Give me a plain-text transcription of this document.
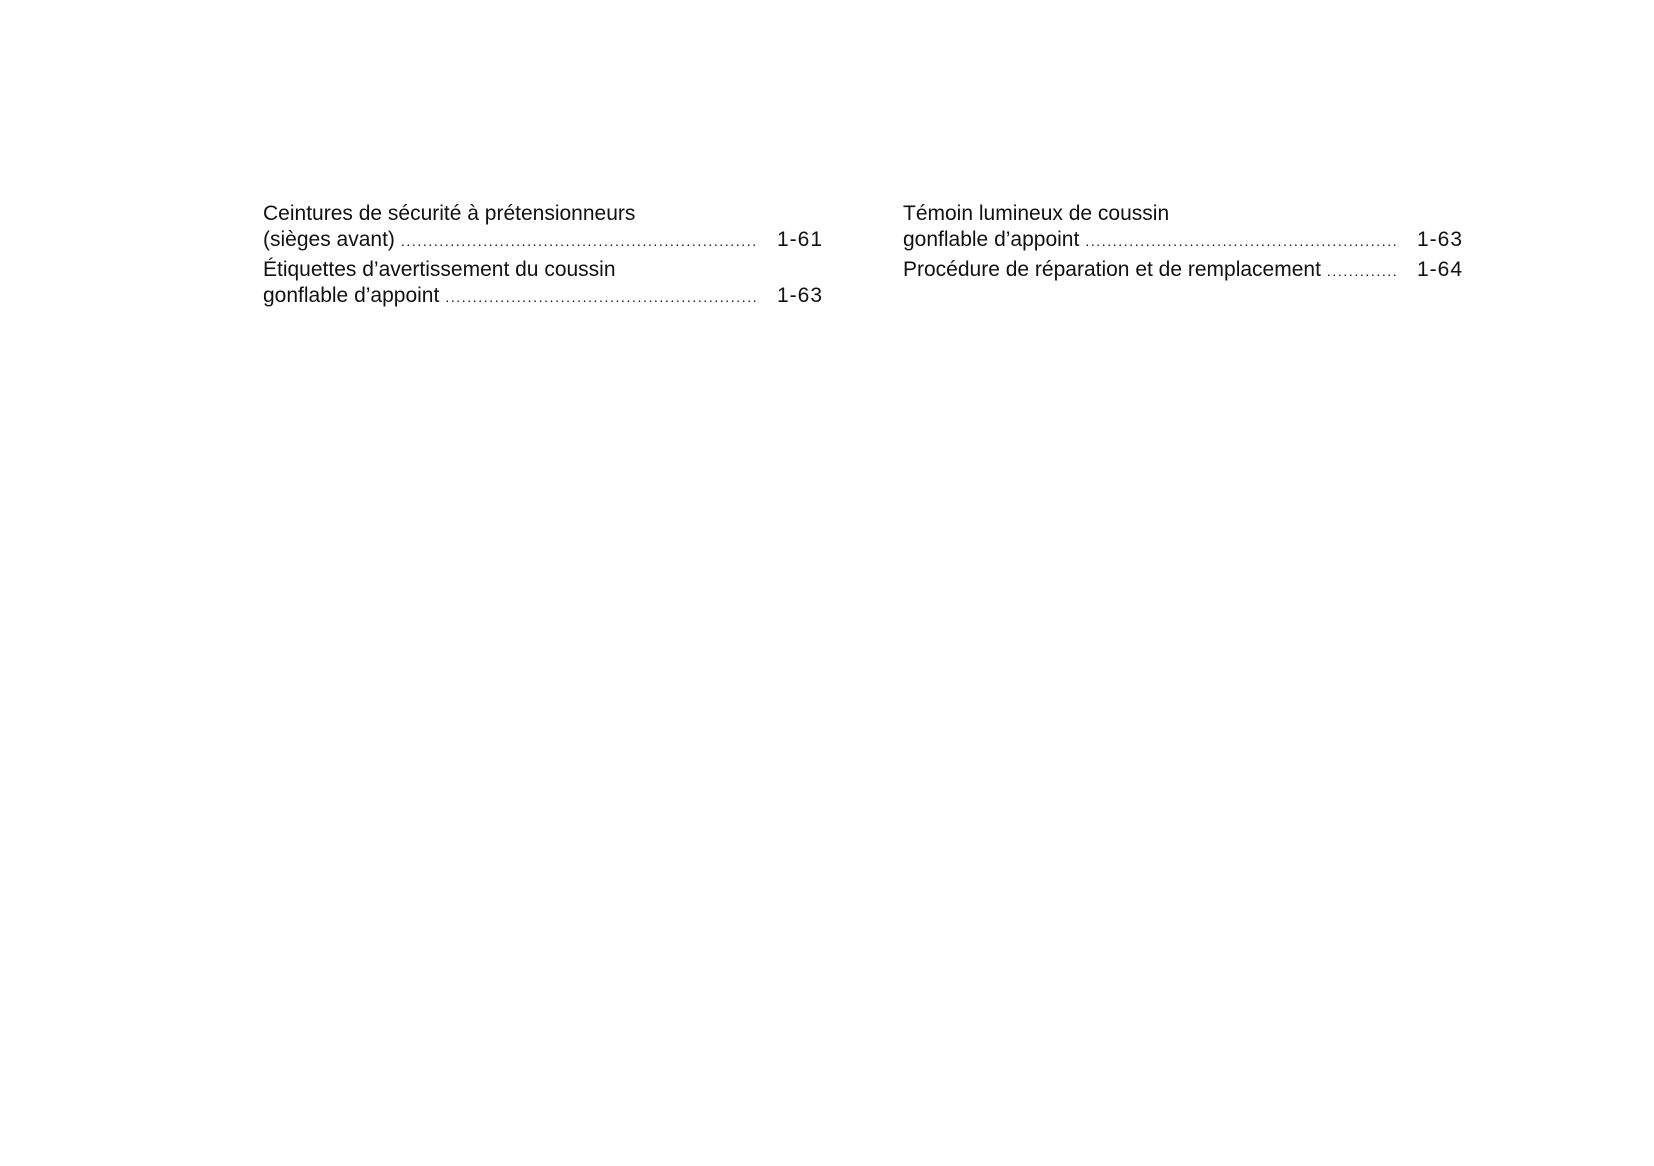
Ceintures de sécurité à prétensionneurs
(sièges avant) .....	1-61
Étiquettes d’avertissement du coussin
gonflable d’appoint .....	1-63
Témoin lumineux de coussin
gonflable d’appoint .....	1-63
Procédure de réparation et de remplacement .....	1-64
